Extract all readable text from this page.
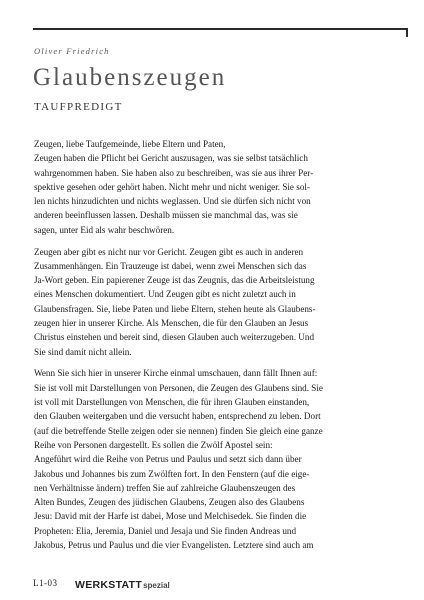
Oliver Friedrich
Glaubenszeugen
TAUFPREDIGT
Zeugen, liebe Taufgemeinde, liebe Eltern und Paten,
Zeugen haben die Pflicht bei Gericht auszusagen, was sie selbst tatsächlich
wahrgenommen haben. Sie haben also zu beschreiben, was sie aus ihrer Per-
spektive gesehen oder gehört haben. Nicht mehr und nicht weniger. Sie sol-
len nichts hinzudichten und nichts weglassen. Und sie dürfen sich nicht von
anderen beeinflussen lassen. Deshalb müssen sie manchmal das, was sie
sagen, unter Eid als wahr beschwören.
Zeugen aber gibt es nicht nur vor Gericht. Zeugen gibt es auch in anderen
Zusammenhängen. Ein Trauzeuge ist dabei, wenn zwei Menschen sich das
Ja-Wort geben. Ein papierener Zeuge ist das Zeugnis, das die Arbeitsleistung
eines Menschen dokumentiert. Und Zeugen gibt es nicht zuletzt auch in
Glaubensfragen. Sie, liebe Paten und liebe Eltern, stehen heute als Glaubens-
zeugen hier in unserer Kirche. Als Menschen, die für den Glauben an Jesus
Christus einstehen und bereit sind, diesen Glauben auch weiterzugeben. Und
Sie sind damit nicht allein.
Wenn Sie sich hier in unserer Kirche einmal umschauen, dann fällt Ihnen auf:
Sie ist voll mit Darstellungen von Personen, die Zeugen des Glaubens sind. Sie
ist voll mit Darstellungen von Menschen, die für ihren Glauben einstanden,
den Glauben weitergaben und die versucht haben, entsprechend zu leben. Dort
(auf die betreffende Stelle zeigen oder sie nennen) finden Sie gleich eine ganze
Reihe von Personen dargestellt. Es sollen die Zwölf Apostel sein:
Angeführt wird die Reihe von Petrus und Paulus und setzt sich dann über
Jakobus und Johannes bis zum Zwölften fort. In den Fenstern (auf die eige-
nen Verhältnisse ändern) treffen Sie auf zahlreiche Glaubenszeugen des
Alten Bundes, Zeugen des jüdischen Glaubens, Zeugen also des Glaubens
Jesu: David mit der Harfe ist dabei, Mose und Melchisedek. Sie finden die
Propheten: Elia, Jeremia, Daniel und Jesaja und Sie finden Andreas und
Jakobus, Petrus und Paulus und die vier Evangelisten. Letztere sind auch am
L1-03 WERKSTATTspezial
